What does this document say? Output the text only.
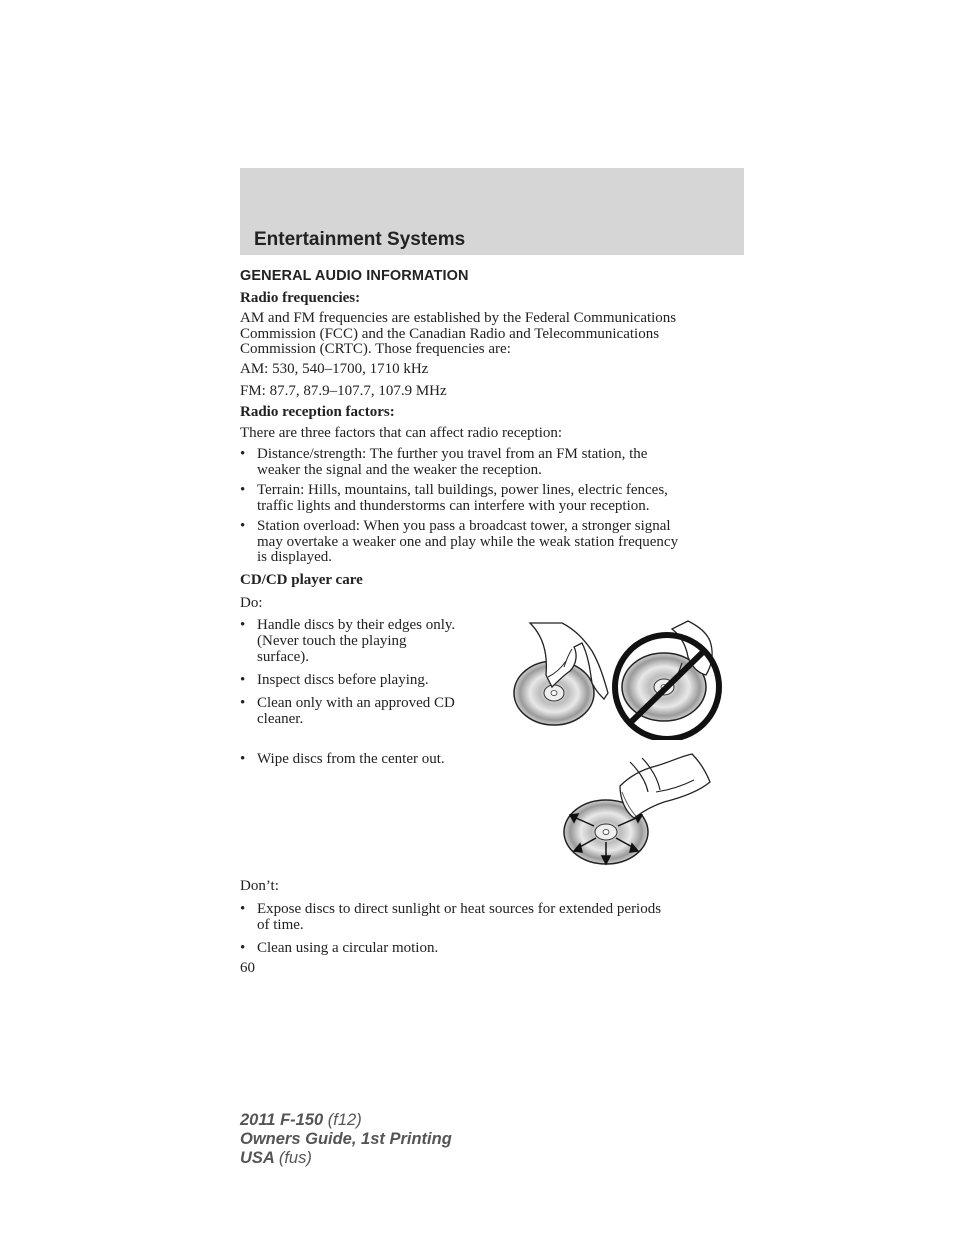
Entertainment Systems
GENERAL AUDIO INFORMATION
Radio frequencies:
AM and FM frequencies are established by the Federal Communications
Commission (FCC) and the Canadian Radio and Telecommunications
Commission (CRTC). Those frequencies are:
AM: 530, 540–1700, 1710 kHz
FM: 87.7, 87.9–107.7, 107.9 MHz
Radio reception factors:
There are three factors that can affect radio reception:
• Distance/strength: The further you travel from an FM station, the
weaker the signal and the weaker the reception.
• Terrain: Hills, mountains, tall buildings, power lines, electric fences,
traffic lights and thunderstorms can interfere with your reception.
• Station overload: When you pass a broadcast tower, a stronger signal
may overtake a weaker one and play while the weak station frequency
is displayed.
CD/CD player care
Do:
• Handle discs by their edges only.
(Never touch the playing
surface).
• Inspect discs before playing.
• Clean only with an approved CD
cleaner.
• Wipe discs from the center out.
Don’t:
• Expose discs to direct sunlight or heat sources for extended periods
of time.
• Clean using a circular motion.
60
2011 F-150 (f12)
Owners Guide, 1st Printing
USA (fus)
